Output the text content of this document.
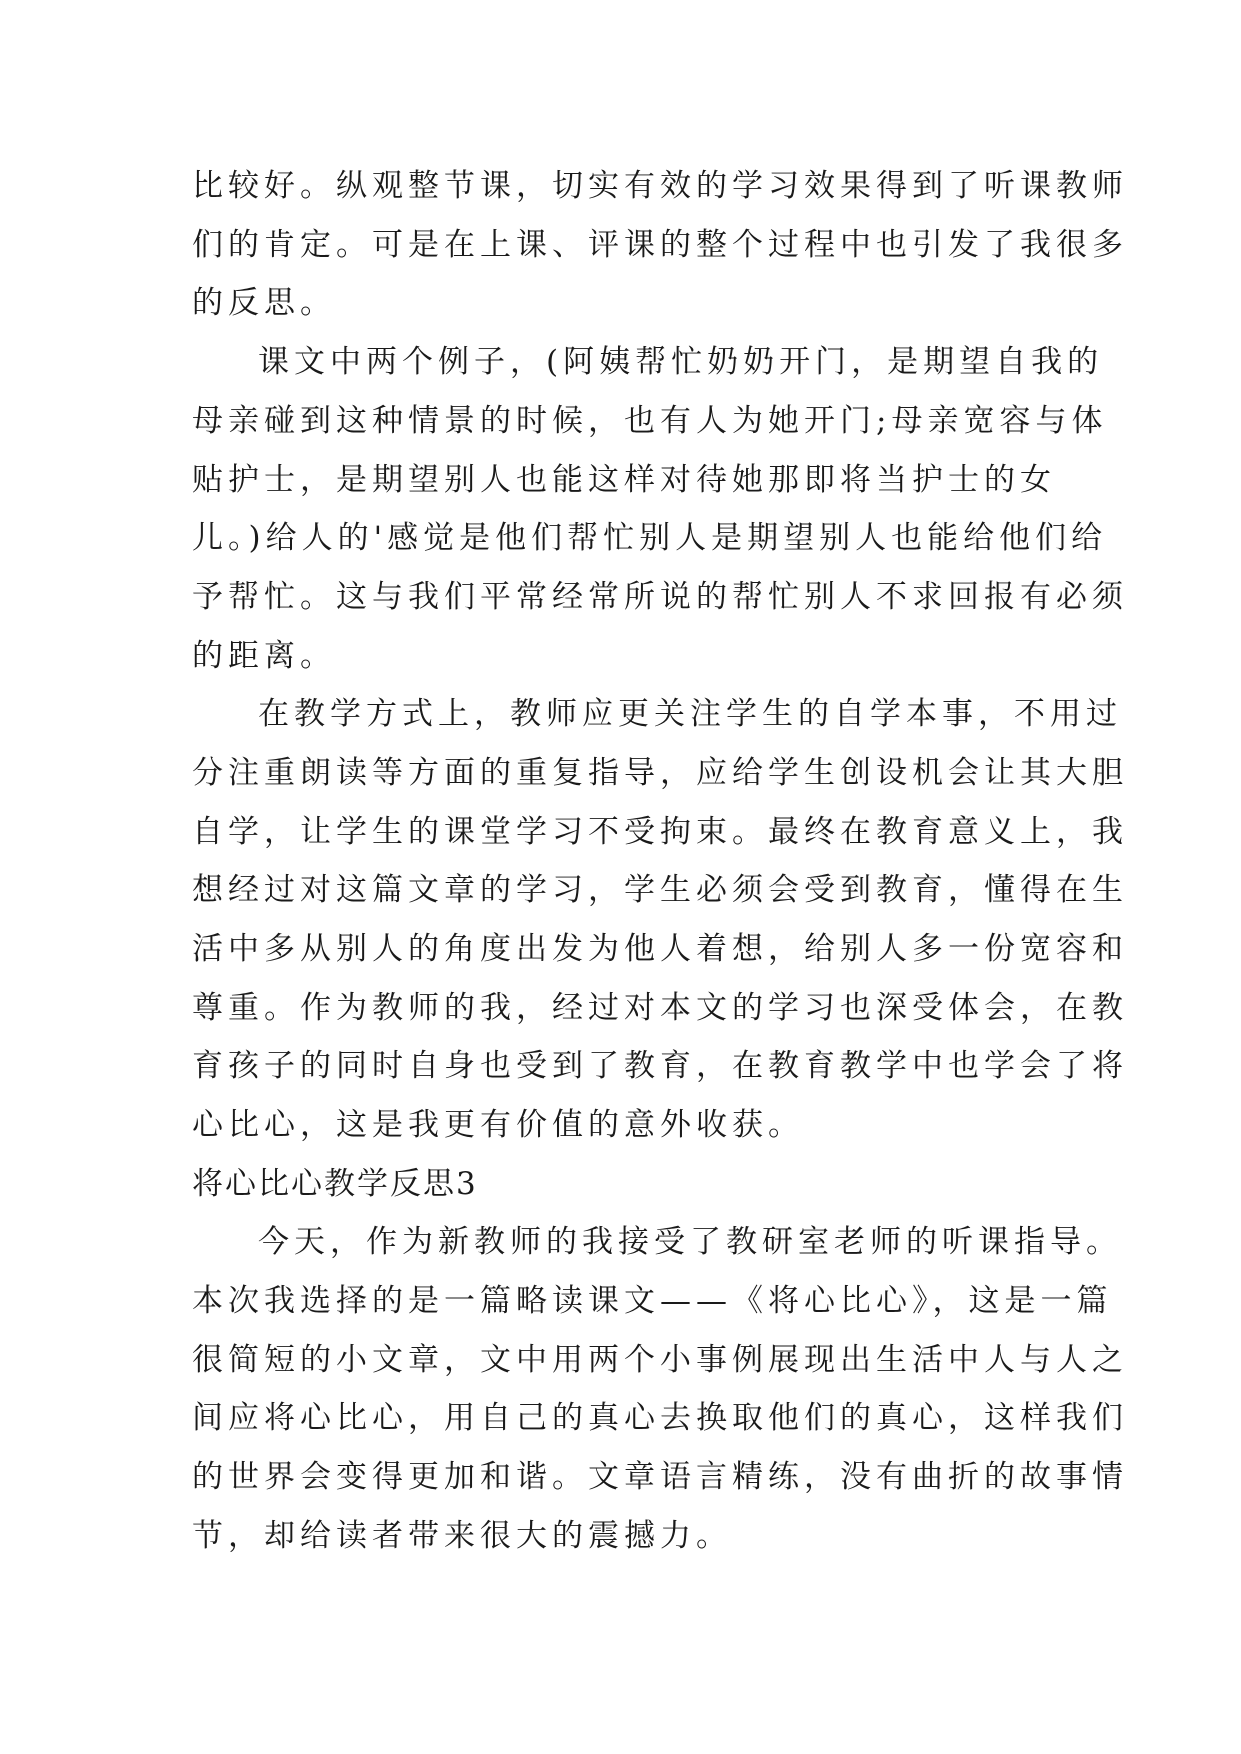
比较好。纵观整节课，切实有效的学习效果得到了听课教师
们的肯定。可是在上课、评课的整个过程中也引发了我很多
的反思。
课文中两个例子，(阿姨帮忙奶奶开门，是期望自我的
母亲碰到这种情景的时候，也有人为她开门;母亲宽容与体
贴护士，是期望别人也能这样对待她那即将当护士的女
儿。)给人的'感觉是他们帮忙别人是期望别人也能给他们给
予帮忙。这与我们平常经常所说的帮忙别人不求回报有必须
的距离。
在教学方式上，教师应更关注学生的自学本事，不用过
分注重朗读等方面的重复指导，应给学生创设机会让其大胆
自学，让学生的课堂学习不受拘束。最终在教育意义上，我
想经过对这篇文章的学习，学生必须会受到教育，懂得在生
活中多从别人的角度出发为他人着想，给别人多一份宽容和
尊重。作为教师的我，经过对本文的学习也深受体会，在教
育孩子的同时自身也受到了教育，在教育教学中也学会了将
心比心，这是我更有价值的意外收获。
将心比心教学反思3
今天，作为新教师的我接受了教研室老师的听课指导。
本次我选择的是一篇略读课文——《将心比心》，这是一篇
很简短的小文章，文中用两个小事例展现出生活中人与人之
间应将心比心，用自己的真心去换取他们的真心，这样我们
的世界会变得更加和谐。文章语言精练，没有曲折的故事情
节，却给读者带来很大的震撼力。
